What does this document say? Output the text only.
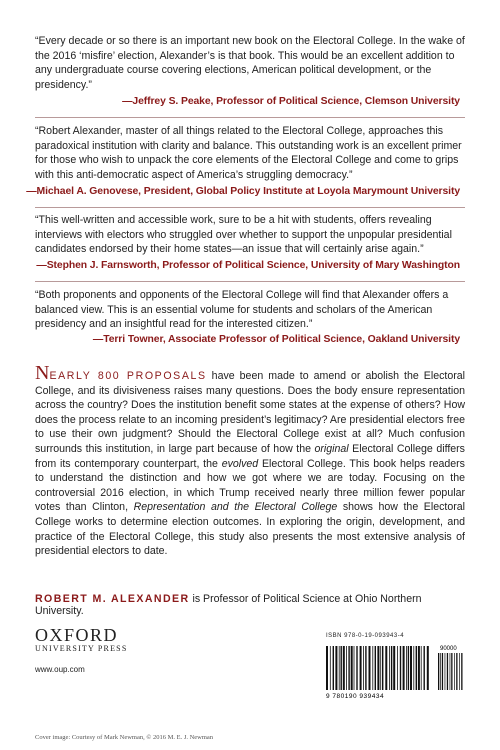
“Every decade or so there is an important new book on the Electoral College. In the wake of the 2016 ‘misfire’ election, Alexander’s is that book. This would be an excellent addition to any undergraduate course covering elections, American political development, or the presidency.”

—Jeffrey S. Peake, Professor of Political Science, Clemson University

“Robert Alexander, master of all things related to the Electoral College, approaches this paradoxical institution with clarity and balance. This outstanding work is an excellent primer for those who wish to unpack the core elements of the Electoral College and come to grips with this anti-democratic aspect of America’s struggling democracy.”

—Michael A. Genovese, President, Global Policy Institute at Loyola Marymount University

“This well-written and accessible work, sure to be a hit with students, offers revealing interviews with electors who struggled over whether to support the unpopular presidential candidates endorsed by their home states—an issue that will certainly arise again.”

—Stephen J. Farnsworth, Professor of Political Science, University of Mary Washington

“Both proponents and opponents of the Electoral College will find that Alexander offers a balanced view. This is an essential volume for students and scholars of the American presidency and an insightful read for the interested citizen.”

—Terri Towner, Associate Professor of Political Science, Oakland University
NEARLY 800 PROPOSALS have been made to amend or abolish the Electoral College, and its divisiveness raises many questions. Does the body ensure representation across the country? Does the institution benefit some states at the expense of others? How does the process relate to an incoming president’s legitimacy? Are presidential electors free to use their own judgment? Should the Electoral College exist at all? Much confusion surrounds this institution, in large part because of how the original Electoral College differs from its contemporary counterpart, the evolved Electoral College. This book helps readers to understand the distinction and how we got where we are today. Focusing on the controversial 2016 election, in which Trump received nearly three million fewer popular votes than Clinton, Representation and the Electoral College shows how the Electoral College works to determine election outcomes. In exploring the origin, development, and practice of the Electoral College, this study also presents the most extensive analysis of presidential electors to date.
ROBERT M. ALEXANDER is Professor of Political Science at Ohio Northern University.
OXFORD
UNIVERSITY PRESS
www.oup.com
ISBN 978-0-19-093943-4
90000
9 780190 939434
Cover image: Courtesy of Mark Newman, © 2016 M. E. J. Newman
